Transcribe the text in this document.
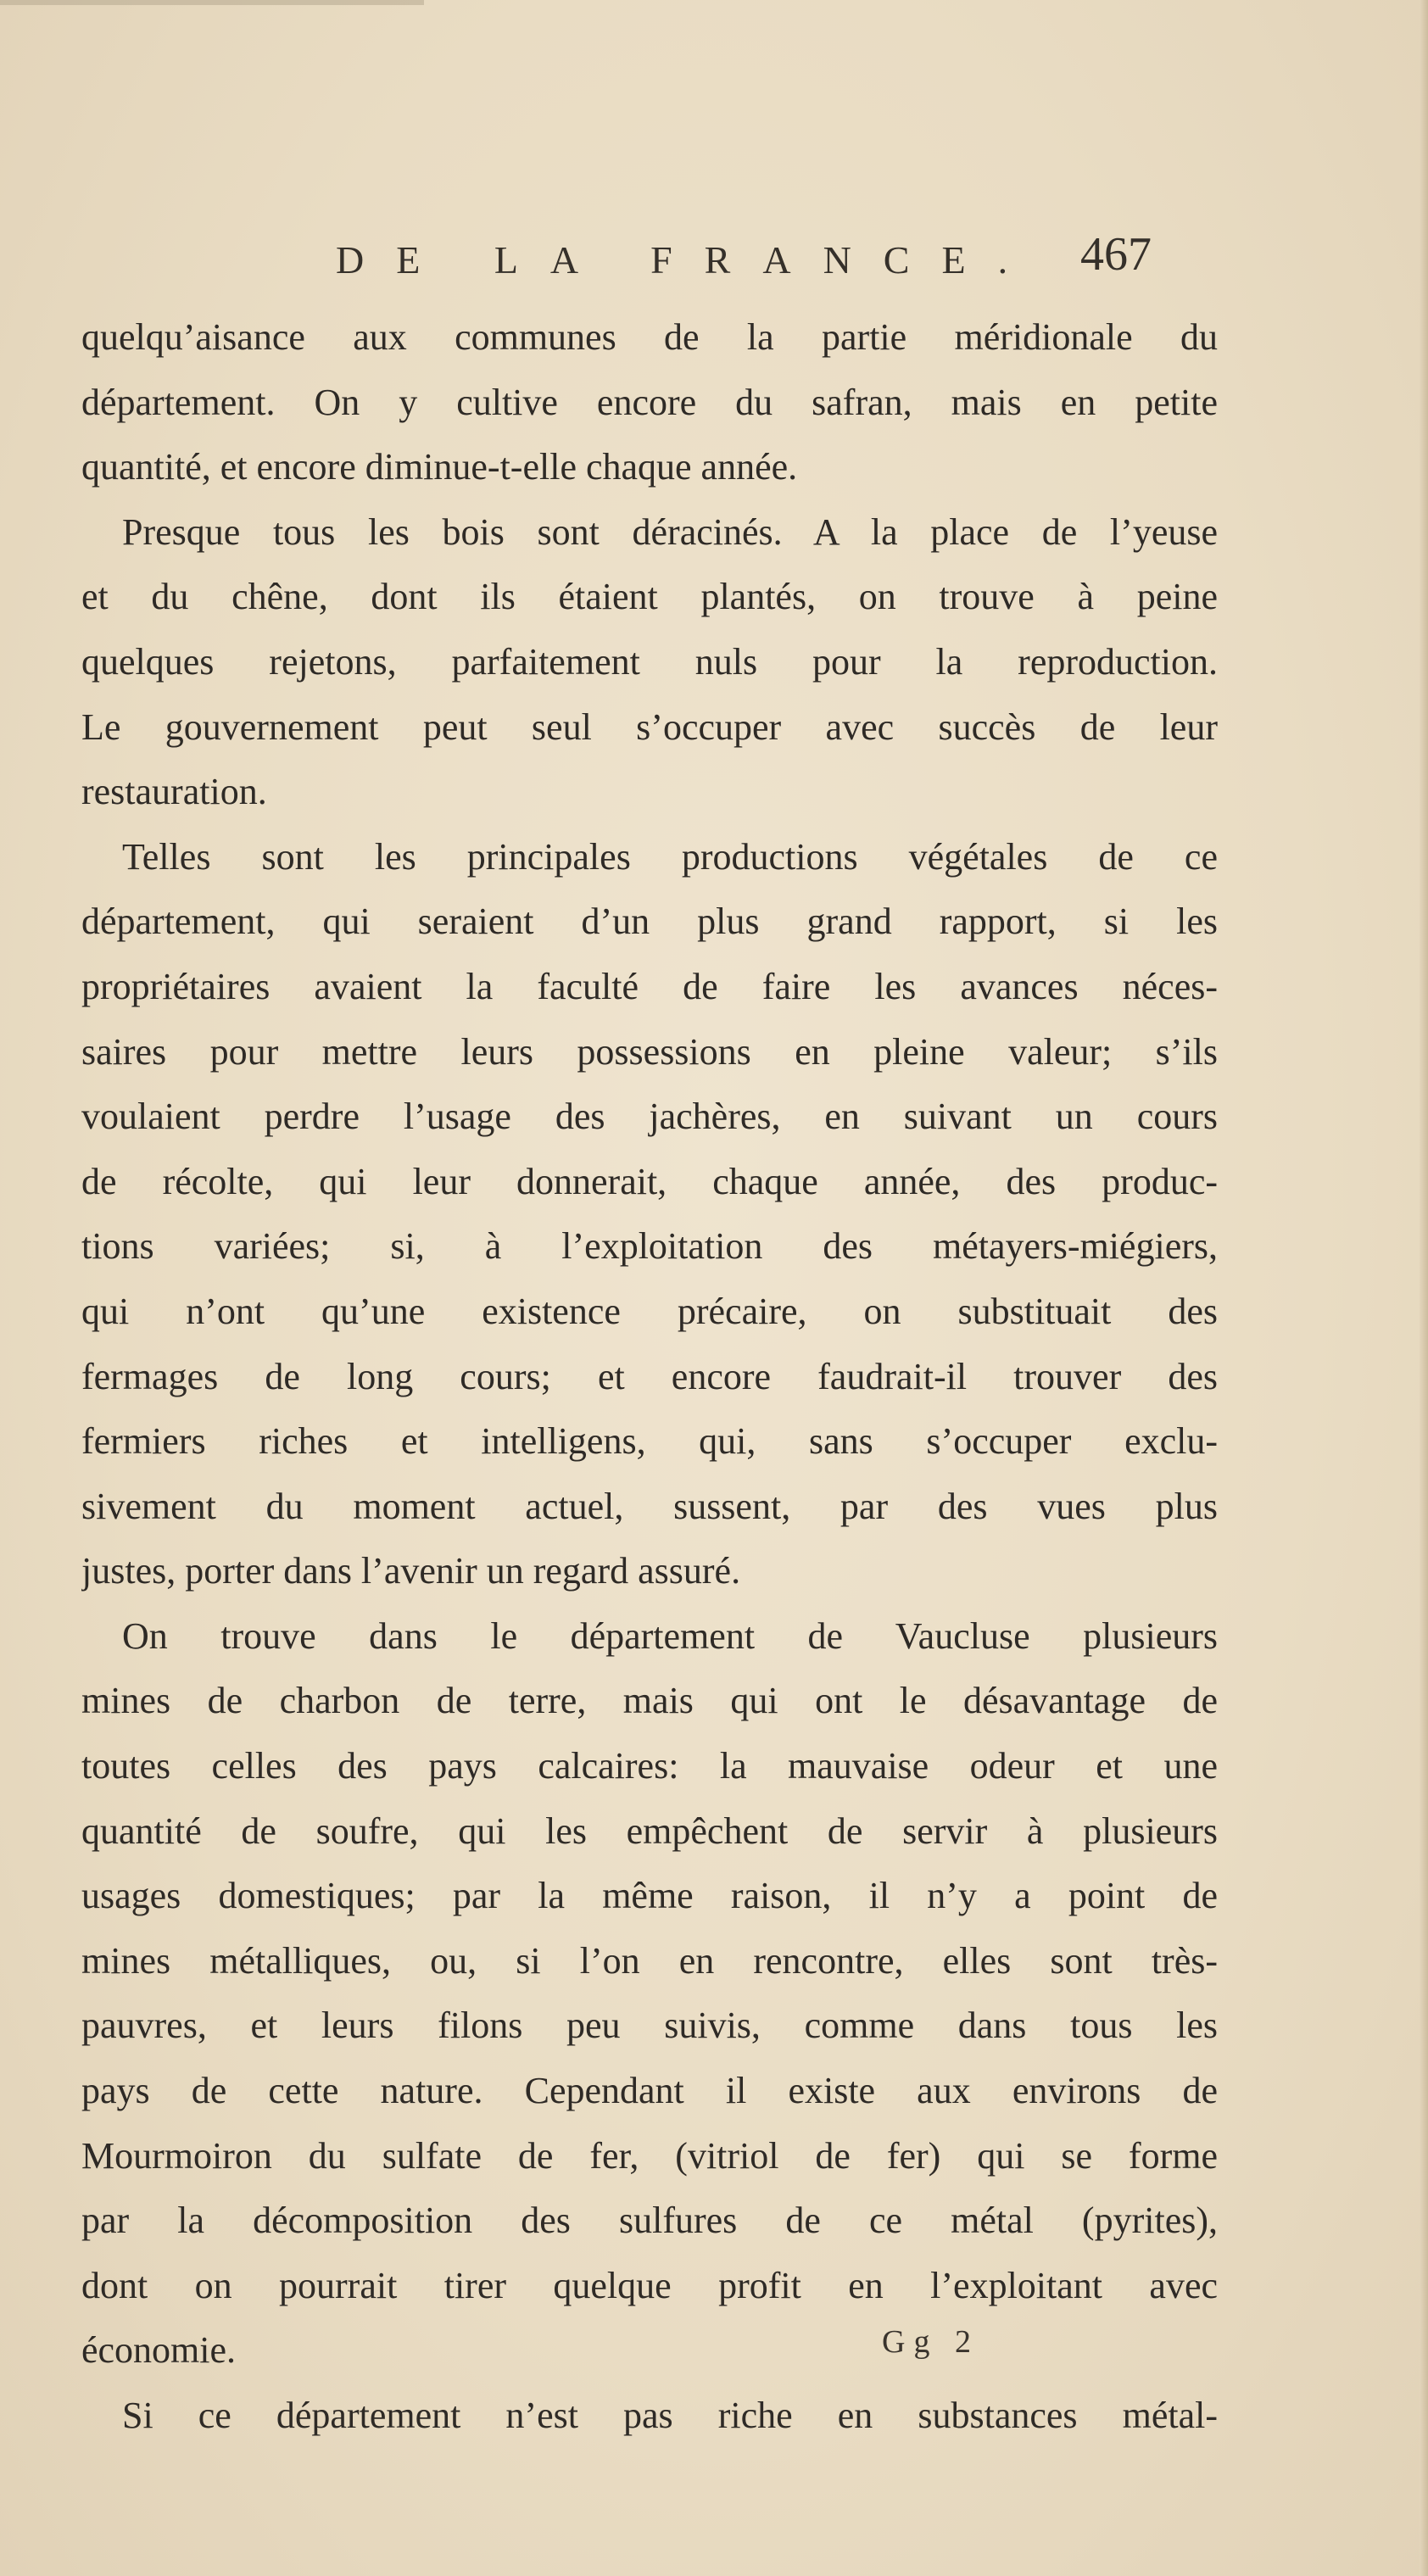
DE LA FRANCE. 467
quelqu’aisance aux communes de la partie méridionale du
département. On y cultive encore du safran, mais en petite
quantité, et encore diminue-t-elle chaque année.
Presque tous les bois sont déracinés. A la place de l’yeuse
et du chêne, dont ils étaient plantés, on trouve à peine
quelques rejetons, parfaitement nuls pour la reproduction.
Le gouvernement peut seul s’occuper avec succès de leur
restauration.
Telles sont les principales productions végétales de ce
département, qui seraient d’un plus grand rapport, si les
propriétaires avaient la faculté de faire les avances néces-
saires pour mettre leurs possessions en pleine valeur; s’ils
voulaient perdre l’usage des jachères, en suivant un cours
de récolte, qui leur donnerait, chaque année, des produc-
tions variées; si, à l’exploitation des métayers-miégiers,
qui n’ont qu’une existence précaire, on substituait des
fermages de long cours; et encore faudrait-il trouver des
fermiers riches et intelligens, qui, sans s’occuper exclu-
sivement du moment actuel, sussent, par des vues plus
justes, porter dans l’avenir un regard assuré.
On trouve dans le département de Vaucluse plusieurs
mines de charbon de terre, mais qui ont le désavantage de
toutes celles des pays calcaires: la mauvaise odeur et une
quantité de soufre, qui les empêchent de servir à plusieurs
usages domestiques; par la même raison, il n’y a point de
mines métalliques, ou, si l’on en rencontre, elles sont très-
pauvres, et leurs filons peu suivis, comme dans tous les
pays de cette nature. Cependant il existe aux environs de
Mourmoiron du sulfate de fer, (vitriol de fer) qui se forme
par la décomposition des sulfures de ce métal (pyrites),
dont on pourrait tirer quelque profit en l’exploitant avec
économie.
Si ce département n’est pas riche en substances métal-
Gg 2
